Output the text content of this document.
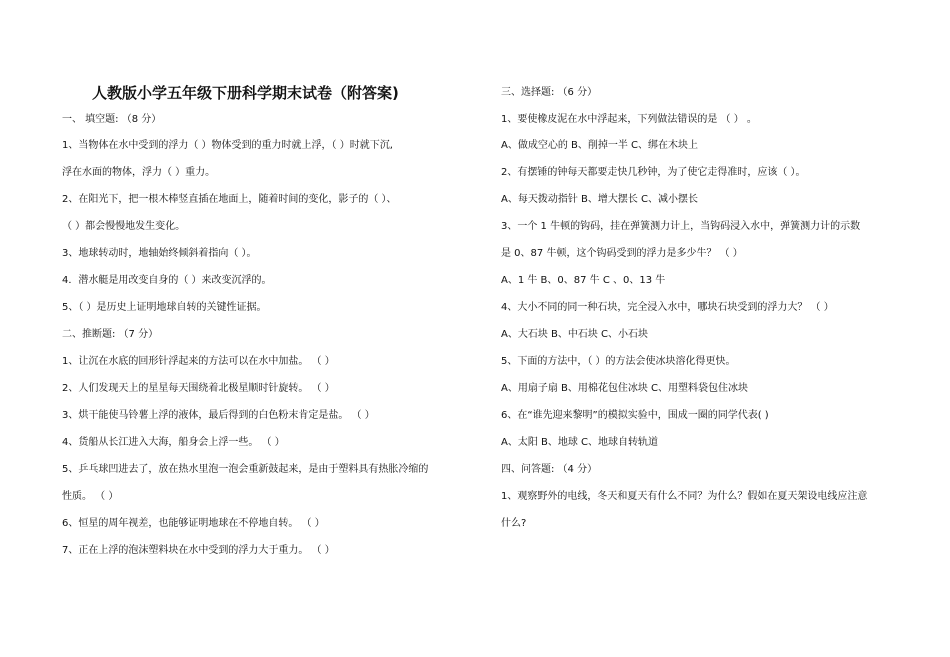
人教版小学五年级下册科学期末试卷（附答案)
一、 填空题: （8 分）
1、当物体在水中受到的浮力（ ）物体受到的重力时就上浮，（ ）时就下沉,
浮在水面的物体，浮力（ ）重力。
2、在阳光下，把一根木棒竖直插在地面上，随着时间的变化，影子的（ ）、
（ ）都会慢慢地发生变化。
3、地球转动时，地轴始终倾斜着指向（ ）。
4．潜水艇是用改变自身的（ ）来改变沉浮的。
5、（ ）是历史上证明地球自转的关键性证据。
二、推断题: （7 分）
1、让沉在水底的回形针浮起来的方法可以在水中加盐。 （ ）
2、人们发现天上的星星每天围绕着北极星顺时针旋转。 （ ）
3、烘干能使马铃薯上浮的液体，最后得到的白色粉末肯定是盐。 （ ）
4、货船从长江进入大海，船身会上浮一些。 （ ）
5、乒乓球凹进去了，放在热水里泡一泡会重新鼓起来，是由于塑料具有热胀冷缩的
性质。 （ ）
6、恒星的周年视差，也能够证明地球在不停地自转。 （ ）
7、正在上浮的泡沫塑料块在水中受到的浮力大于重力。 （ ）
三、选择题: （6 分）
1、要使橡皮泥在水中浮起来，下列做法错误的是 （ ） 。
A、做成空心的 B、削掉一半 C、绑在木块上
2、有摆锤的钟每天都要走快几秒钟，为了使它走得准时，应该（ ）。
A、每天拨动指针 B、增大摆长 C、减小摆长
3、一个 1 牛顿的钩码，挂在弹簧测力计上，当钩码浸入水中，弹簧测力计的示数
是 0、87 牛顿，这个钩码受到的浮力是多少牛？ （ ）
A、1 牛 B、0、87 牛 C 、0、13 牛
4、大小不同的同一种石块，完全浸入水中，哪块石块受到的浮力大？ （ ）
A、大石块 B、中石块 C、小石块
5、下面的方法中，（ ）的方法会使冰块溶化得更快。
A、用扇子扇 B、用棉花包住冰块 C、用塑料袋包住冰块
6、在“谁先迎来黎明”的模拟实验中，围成一圈的同学代表( )
A、太阳 B、地球 C、地球自转轨道
四、问答题: （4 分）
1、观察野外的电线，冬天和夏天有什么不同？为什么？假如在夏天架设电线应注意
什么?
